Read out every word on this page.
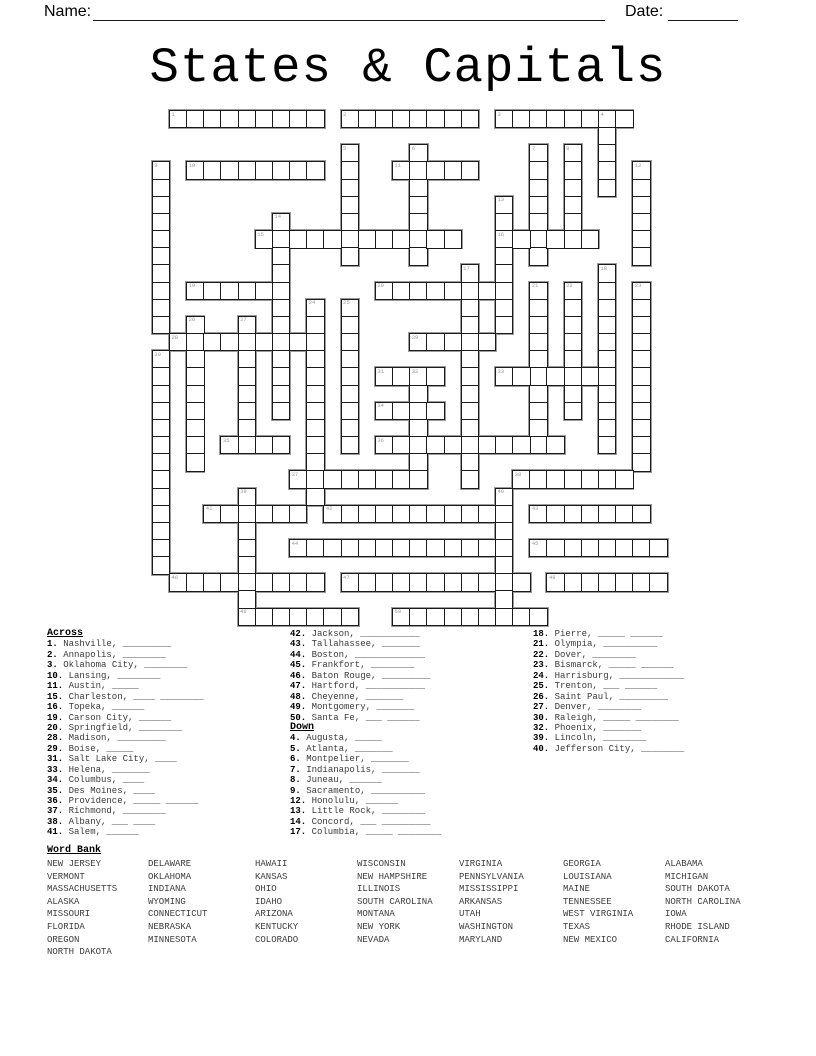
Name:	Date:
States & Capitals
1	2	3	4
5	6	7	8
9	10	11	12
13
16
14
15
17	18
19	20	21	22	23
24	25
26	27
28	29
30
31	32	33
34
35	36
37	38
39
49
40
41	42	43
44	45
46	47	48
50
Across
1. Nashville, _________
2. Annapolis, ________
3. Oklahoma City, ________
10. Lansing, ________
11. Austin, _____
15. Charleston, ____ ________
16. Topeka, ______
19. Carson City, ______
20. Springfield, ________
28. Madison, _________
29. Boise, _____
31. Salt Lake City, ____
33. Helena, _______
34. Columbus, ____
35. Des Moines, ____
36. Providence, _____ ______
37. Richmond, ________
38. Albany, ___ ____
41. Salem, ______
42. Jackson, ___________
43. Tallahassee, _______
44. Boston, _____________
45. Frankfort, ________
46. Baton Rouge, _________
47. Hartford, ___________
48. Cheyenne, _______
49. Montgomery, _______
50. Santa Fe, ___ ______
Down
4. Augusta, _____
5. Atlanta, _______
6. Montpelier, _______
7. Indianapolis, _______
8. Juneau, ______
9. Sacramento, __________
12. Honolulu, ______
13. Little Rock, ________
14. Concord, ___ _________
17. Columbia, _____ ________
18. Pierre, _____ ______
21. Olympia, __________
22. Dover, ________
23. Bismarck, _____ ______
24. Harrisburg, ____________
25. Trenton, ___ ______
26. Saint Paul, _________
27. Denver, ________
30. Raleigh, _____ ________
32. Phoenix, _______
39. Lincoln, ________
40. Jefferson City, ________
Word Bank
NEW JERSEY
VERMONT
MASSACHUSETTS
ALASKA
MISSOURI
FLORIDA
OREGON
NORTH DAKOTA
DELAWARE
OKLAHOMA
INDIANA
WYOMING
CONNECTICUT
NEBRASKA
MINNESOTA
HAWAII
KANSAS
OHIO
IDAHO
ARIZONA
KENTUCKY
COLORADO
WISCONSIN
NEW HAMPSHIRE
ILLINOIS
SOUTH CAROLINA
MONTANA
NEW YORK
NEVADA
VIRGINIA
PENNSYLVANIA
MISSISSIPPI
ARKANSAS
UTAH
WASHINGTON
MARYLAND
GEORGIA
LOUISIANA
MAINE
TENNESSEE
WEST VIRGINIA
TEXAS
NEW MEXICO
ALABAMA
MICHIGAN
SOUTH DAKOTA
NORTH CAROLINA
IOWA
RHODE ISLAND
CALIFORNIA
